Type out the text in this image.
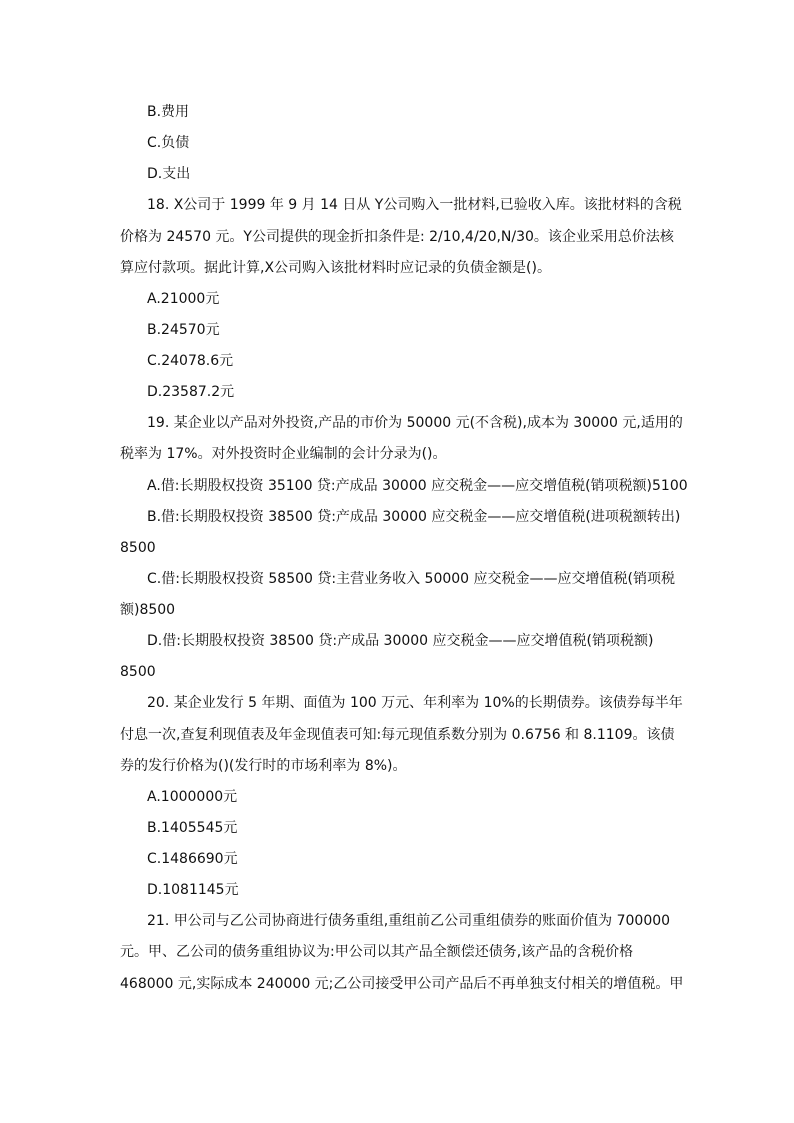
B.费用
C.负债
D.支出
18. X公司于 1999 年 9 月 14 日从 Y公司购入一批材料,已验收入库。该批材料的含税
价格为 24570 元。Y公司提供的现金折扣条件是: 2/10,4/20,N/30。该企业采用总价法核
算应付款项。据此计算,X公司购入该批材料时应记录的负债金额是()。
A.21000元
B.24570元
C.24078.6元
D.23587.2元
19. 某企业以产品对外投资,产品的市价为 50000 元(不含税),成本为 30000 元,适用的
税率为 17%。对外投资时企业编制的会计分录为()。
A.借:长期股权投资 35100 贷:产成品 30000 应交税金——应交增值税(销项税额)5100
B.借:长期股权投资 38500 贷:产成品 30000 应交税金——应交增值税(进项税额转出)
8500
C.借:长期股权投资 58500 贷:主营业务收入 50000 应交税金——应交增值税(销项税
额)8500
D.借:长期股权投资 38500 贷:产成品 30000 应交税金——应交增值税(销项税额)
8500
20. 某企业发行 5 年期、面值为 100 万元、年利率为 10%的长期债券。该债券每半年
付息一次,查复利现值表及年金现值表可知:每元现值系数分别为 0.6756 和 8.1109。该债
券的发行价格为()(发行时的市场利率为 8%)。
A.1000000元
B.1405545元
C.1486690元
D.1081145元
21. 甲公司与乙公司协商进行债务重组,重组前乙公司重组债券的账面价值为 700000
元。甲、乙公司的债务重组协议为:甲公司以其产品全额偿还债务,该产品的含税价格
468000 元,实际成本 240000 元;乙公司接受甲公司产品后不再单独支付相关的增值税。甲
